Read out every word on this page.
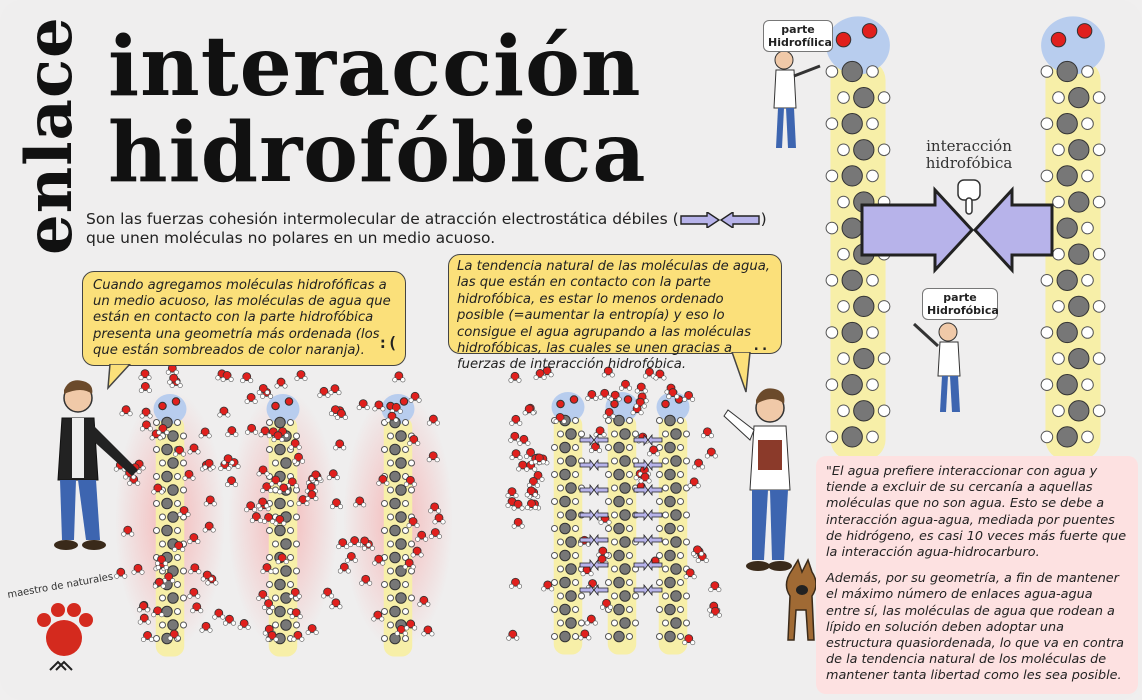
enlace interacción
hidrofóbica
Son las fuerzas cohesión intermolecular de atracción electrostática débiles (	)
que unen moléculas no polares en un medio acuoso.
maestro de naturales
Cuando agregamos moléculas hidrofóficas a un medio acuoso, las moléculas de agua que están en contacto con la parte hidrofóbica presenta una geometría más ordenada (los que están sombreados de color naranja). :(
La tendencia natural de las moléculas de agua, las que están en contacto con la parte hidrofóbica, es estar lo menos ordenado posible (=aumentar la entropía) y eso lo consigue el agua agrupando a las moléculas hidrofóbicas, las cuales se unen gracias a fuerzas de interacción hidrofóbica.
..
parte
Hidrofílica
parte
Hidrofóbica
interacción
hidrofóbica

"El agua prefiere interaccionar con agua y tiende a excluir de su cercanía a aquellas moléculas que no son agua. Esto se debe a interacción agua-agua, mediada por puentes de hidrógeno, es casi 10 veces más fuerte que la interacción agua-hidrocarburo.

Además, por su geometría, a fin de mantener el máximo número de enlaces agua-agua entre sí, las moléculas de agua que rodean a lípido en solución deben adoptar una estructura quasiordenada, lo que va en contra de la tendencia natural de los moléculas de mantener tanta libertad como les sea posible.
